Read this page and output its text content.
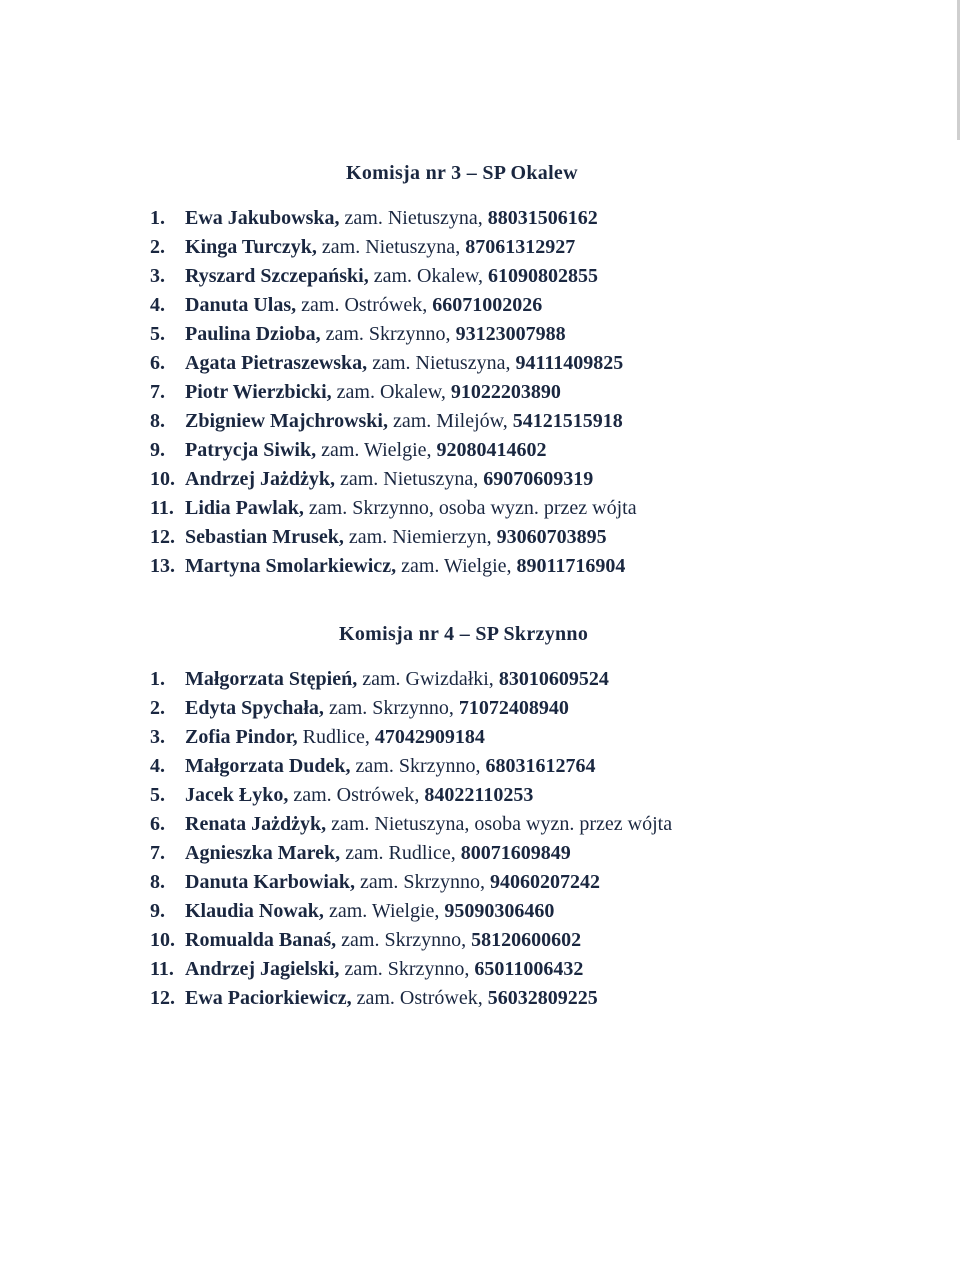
Komisja nr 3 – SP Okalew
1. Ewa Jakubowska, zam. Nietuszyna, 88031506162
2. Kinga Turczyk, zam. Nietuszyna, 87061312927
3. Ryszard Szczepański, zam. Okalew, 61090802855
4. Danuta Ulas, zam. Ostrówek, 66071002026
5. Paulina Dzioba, zam. Skrzynno, 93123007988
6. Agata Pietraszewska, zam. Nietuszyna, 94111409825
7. Piotr Wierzbicki, zam. Okalew, 91022203890
8. Zbigniew Majchrowski, zam. Milejów, 54121515918
9. Patrycja Siwik, zam. Wielgie, 92080414602
10. Andrzej Jażdżyk, zam. Nietuszyna, 69070609319
11. Lidia Pawlak, zam. Skrzynno, osoba wyzn. przez wójta
12. Sebastian Mrusek, zam. Niemierzyn, 93060703895
13. Martyna Smolarkiewicz, zam. Wielgie, 89011716904
Komisja nr 4 – SP Skrzynno
1. Małgorzata Stępień, zam. Gwizdałki, 83010609524
2. Edyta Spychała, zam. Skrzynno, 71072408940
3. Zofia Pindor, Rudlice, 47042909184
4. Małgorzata Dudek, zam. Skrzynno, 68031612764
5. Jacek Łyko, zam. Ostrówek, 84022110253
6. Renata Jażdżyk, zam. Nietuszyna, osoba wyzn. przez wójta
7. Agnieszka Marek, zam. Rudlice, 80071609849
8. Danuta Karbowiak, zam. Skrzynno, 94060207242
9. Klaudia Nowak, zam. Wielgie, 95090306460
10. Romualda Banaś, zam. Skrzynno, 58120600602
11. Andrzej Jagielski, zam. Skrzynno, 65011006432
12. Ewa Paciorkiewicz, zam. Ostrówek, 56032809225
